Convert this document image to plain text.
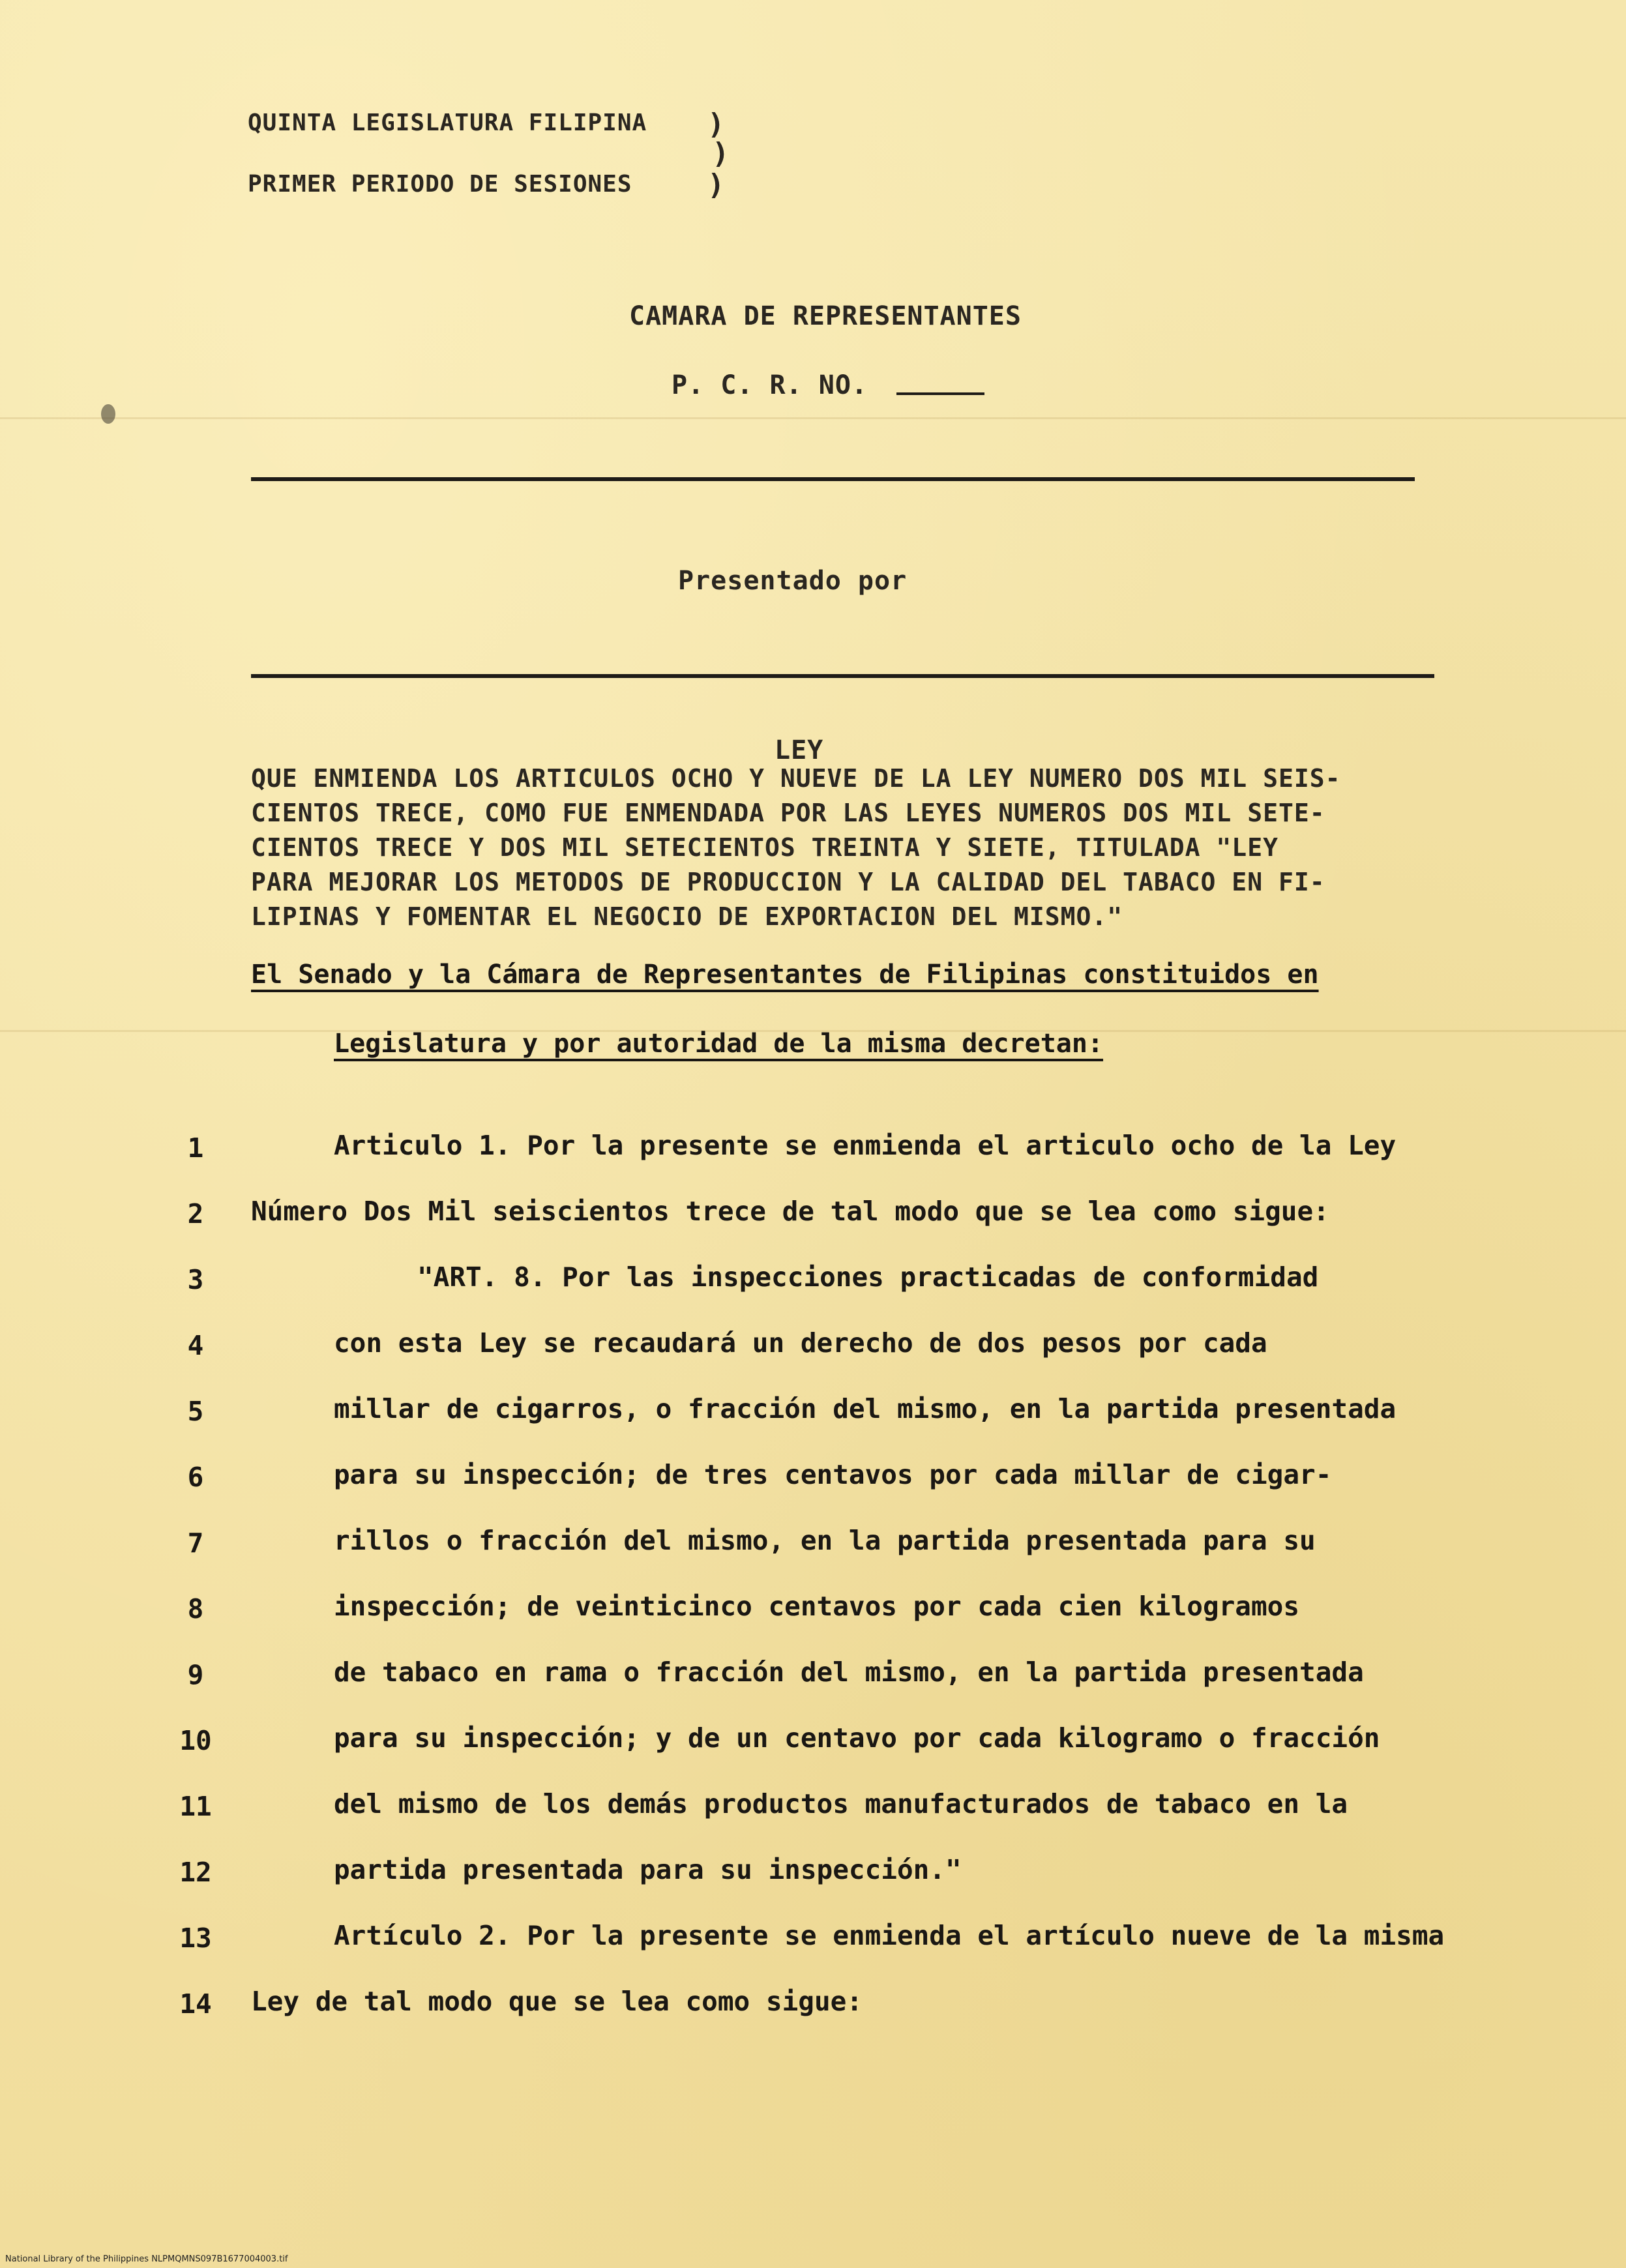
QUINTA LEGISLATURA FILIPINA )
)
PRIMER PERIODO DE SESIONES	)
CAMARA DE REPRESENTANTES
P. C. R. NO.
Presentado por
LEY
QUE ENMIENDA LOS ARTICULOS OCHO Y NUEVE DE LA LEY NUMERO DOS MIL SEIS-
CIENTOS TRECE, COMO FUE ENMENDADA POR LAS LEYES NUMEROS DOS MIL SETE-
CIENTOS TRECE Y DOS MIL SETECIENTOS TREINTA Y SIETE, TITULADA "LEY
PARA MEJORAR LOS METODOS DE PRODUCCION Y LA CALIDAD DEL TABACO EN FI-
LIPINAS Y FOMENTAR EL NEGOCIO DE EXPORTACION DEL MISMO."
El Senado y la Cámara de Representantes de Filipinas constituidos en
Legislatura y por autoridad de la misma decretan:
1	Articulo 1. Por la presente se enmienda el articulo ocho de la Ley
2	Número Dos Mil seiscientos trece de tal modo que se lea como sigue:
3	"ART. 8. Por las inspecciones practicadas de conformidad
4	con esta Ley se recaudará un derecho de dos pesos por cada
5	millar de cigarros, o fracción del mismo, en la partida presentada
6	para su inspección; de tres centavos por cada millar de cigar-
7	rillos o fracción del mismo, en la partida presentada para su
8	inspección; de veinticinco centavos por cada cien kilogramos
9	de tabaco en rama o fracción del mismo, en la partida presentada
10	para su inspección; y de un centavo por cada kilogramo o fracción
11	del mismo de los demás productos manufacturados de tabaco en la
12	partida presentada para su inspección."
13	Artículo 2. Por la presente se enmienda el artículo nueve de la misma
14 Ley de tal modo que se lea como sigue:
National Library of the Philippines NLPMQMNS097B1677004003.tif
